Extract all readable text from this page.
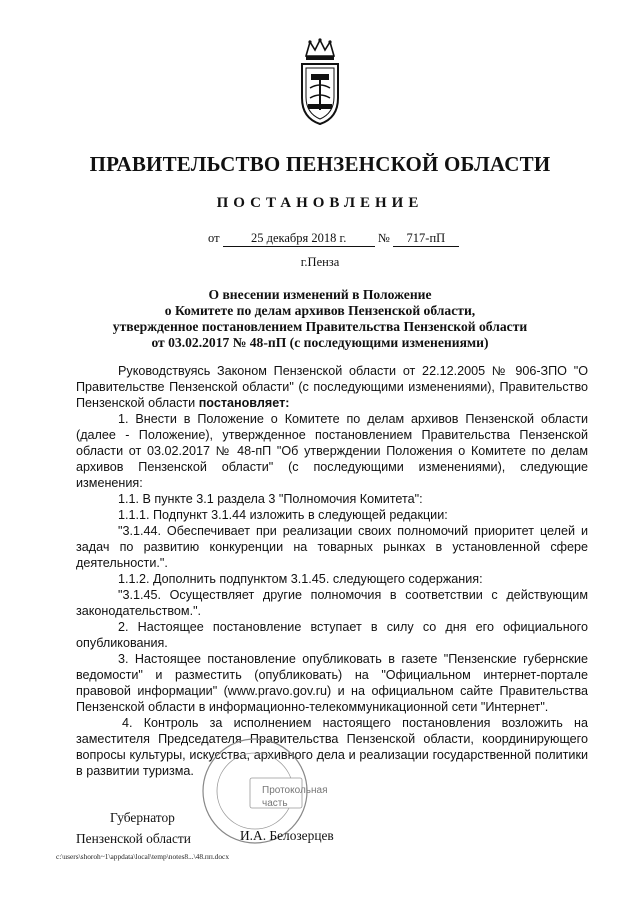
ПРАВИТЕЛЬСТВО ПЕНЗЕНСКОЙ ОБЛАСТИ
ПОСТАНОВЛЕНИЕ
от	25 декабря 2018 г.	№ 717-пП
г.Пенза
О внесении изменений в Положение
о Комитете по делам архивов Пензенской области,
утвержденное постановлением Правительства Пензенской области
от 03.02.2017 № 48-пП (с последующими изменениями)

Руководствуясь Законом Пензенской области от 22.12.2005 № 906-ЗПО "О Правительстве Пензенской области" (с последующими изменениями), Правительство Пензенской области постановляет:

1. Внести в Положение о Комитете по делам архивов Пензенской области (далее - Положение), утвержденное постановлением Правительства Пензенской области от 03.02.2017 № 48-пП "Об утверждении Положения о Комитете по делам архивов Пензенской области" (с последующими изменениями), следующие изменения:

1.1. В пункте 3.1 раздела 3 "Полномочия Комитета":

1.1.1. Подпункт 3.1.44 изложить в следующей редакции:

"3.1.44. Обеспечивает при реализации своих полномочий приоритет целей и задач по развитию конкуренции на товарных рынках в установленной сфере деятельности.".

1.1.2. Дополнить подпунктом 3.1.45. следующего содержания:

"3.1.45. Осуществляет другие полномочия в соответствии с действующим законодательством.".

2. Настоящее постановление вступает в силу со дня его официального опубликования.

3. Настоящее постановление опубликовать в газете "Пензенские губернские ведомости" и разместить (опубликовать) на "Официальном интернет-портале правовой информации" (www.pravo.gov.ru) и на официальном сайте Правительства Пензенской области в информационно-телекоммуникационной сети "Интернет".

4. Контроль за исполнением настоящего постановления возложить на заместителя Председателя Правительства Пензенской области, координирующего вопросы культуры, искусства, архивного дела и реализации государственной политики в развитии туризма.

Протокольная
часть
Губернатор
Пензенской области	И.А. Белозерцев
c:\users\shoroh~1\appdata\local\temp\notes8...\48.пп.docx
